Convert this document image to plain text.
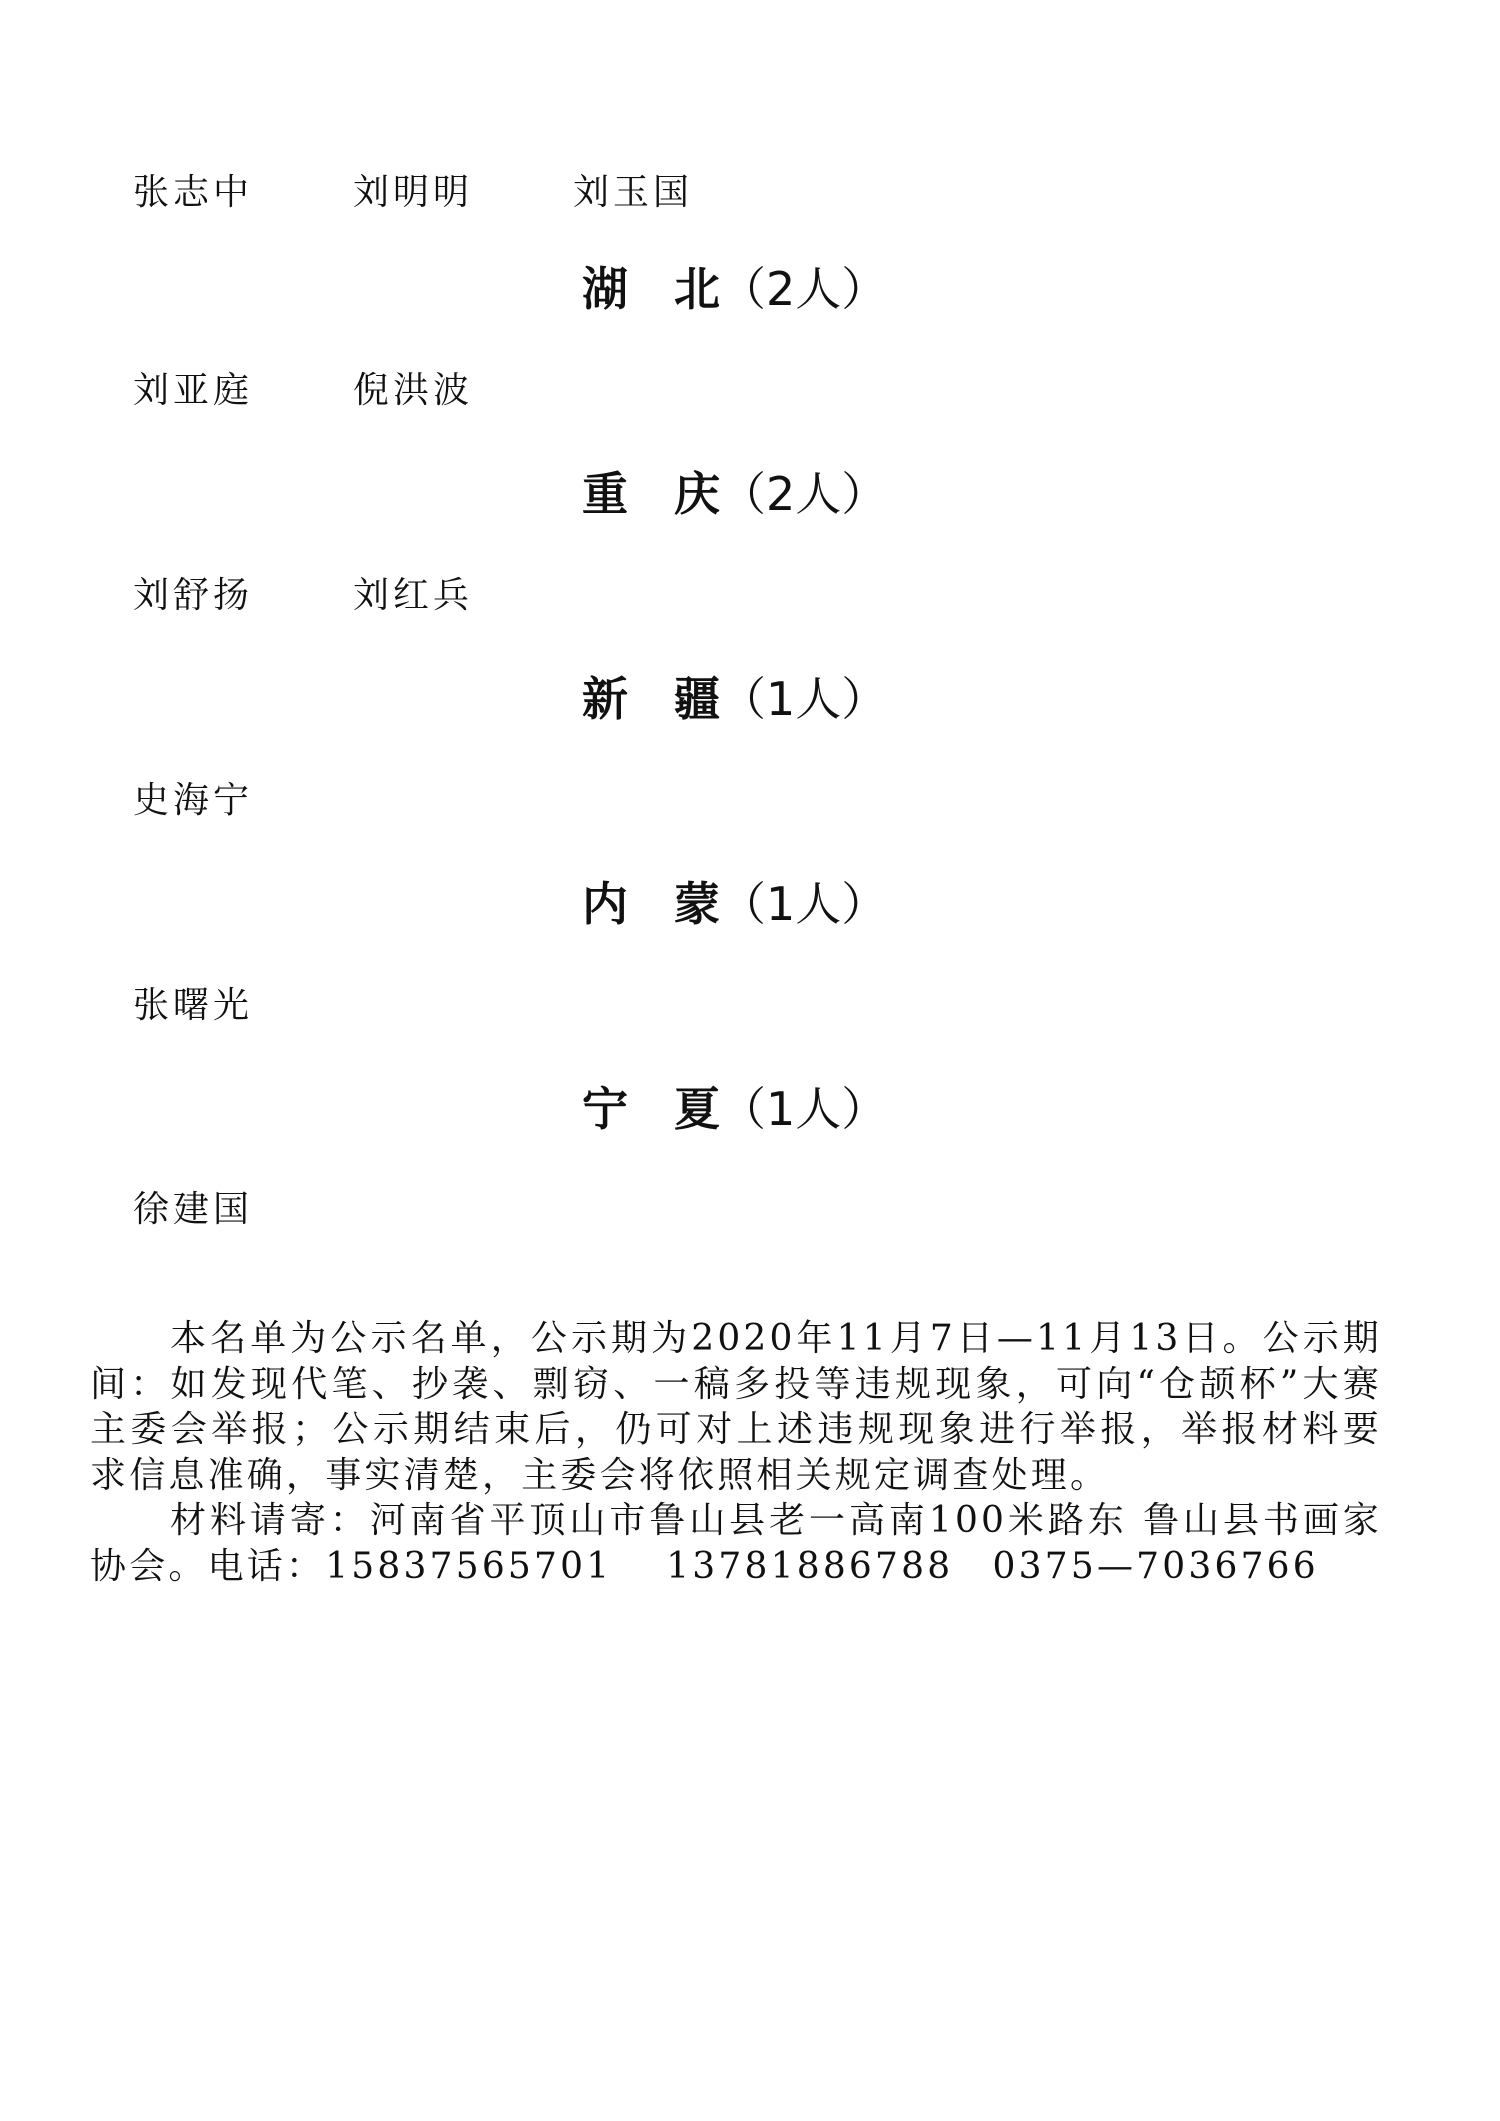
张志中	刘明明	刘玉国
湖　北（2人）
刘亚庭	倪洪波
重　庆（2人）
刘舒扬	刘红兵
新　疆（1人）
史海宁
内　蒙（1人）
张曙光
宁　夏（1人）
徐建国

本名单为公示名单，公示期为2020年11月7日—11月13日。公示期间：如发现代笔、抄袭、剽窃、一稿多投等违规现象，可向“仓颉杯”大赛主委会举报；公示期结束后，仍可对上述违规现象进行举报，举报材料要求信息准确，事实清楚，主委会将依照相关规定调查处理。

材料请寄：河南省平顶山市鲁山县老一高南100米路东 鲁山县书画家协会。电话：15837565701　 13781886788　0375—7036766
